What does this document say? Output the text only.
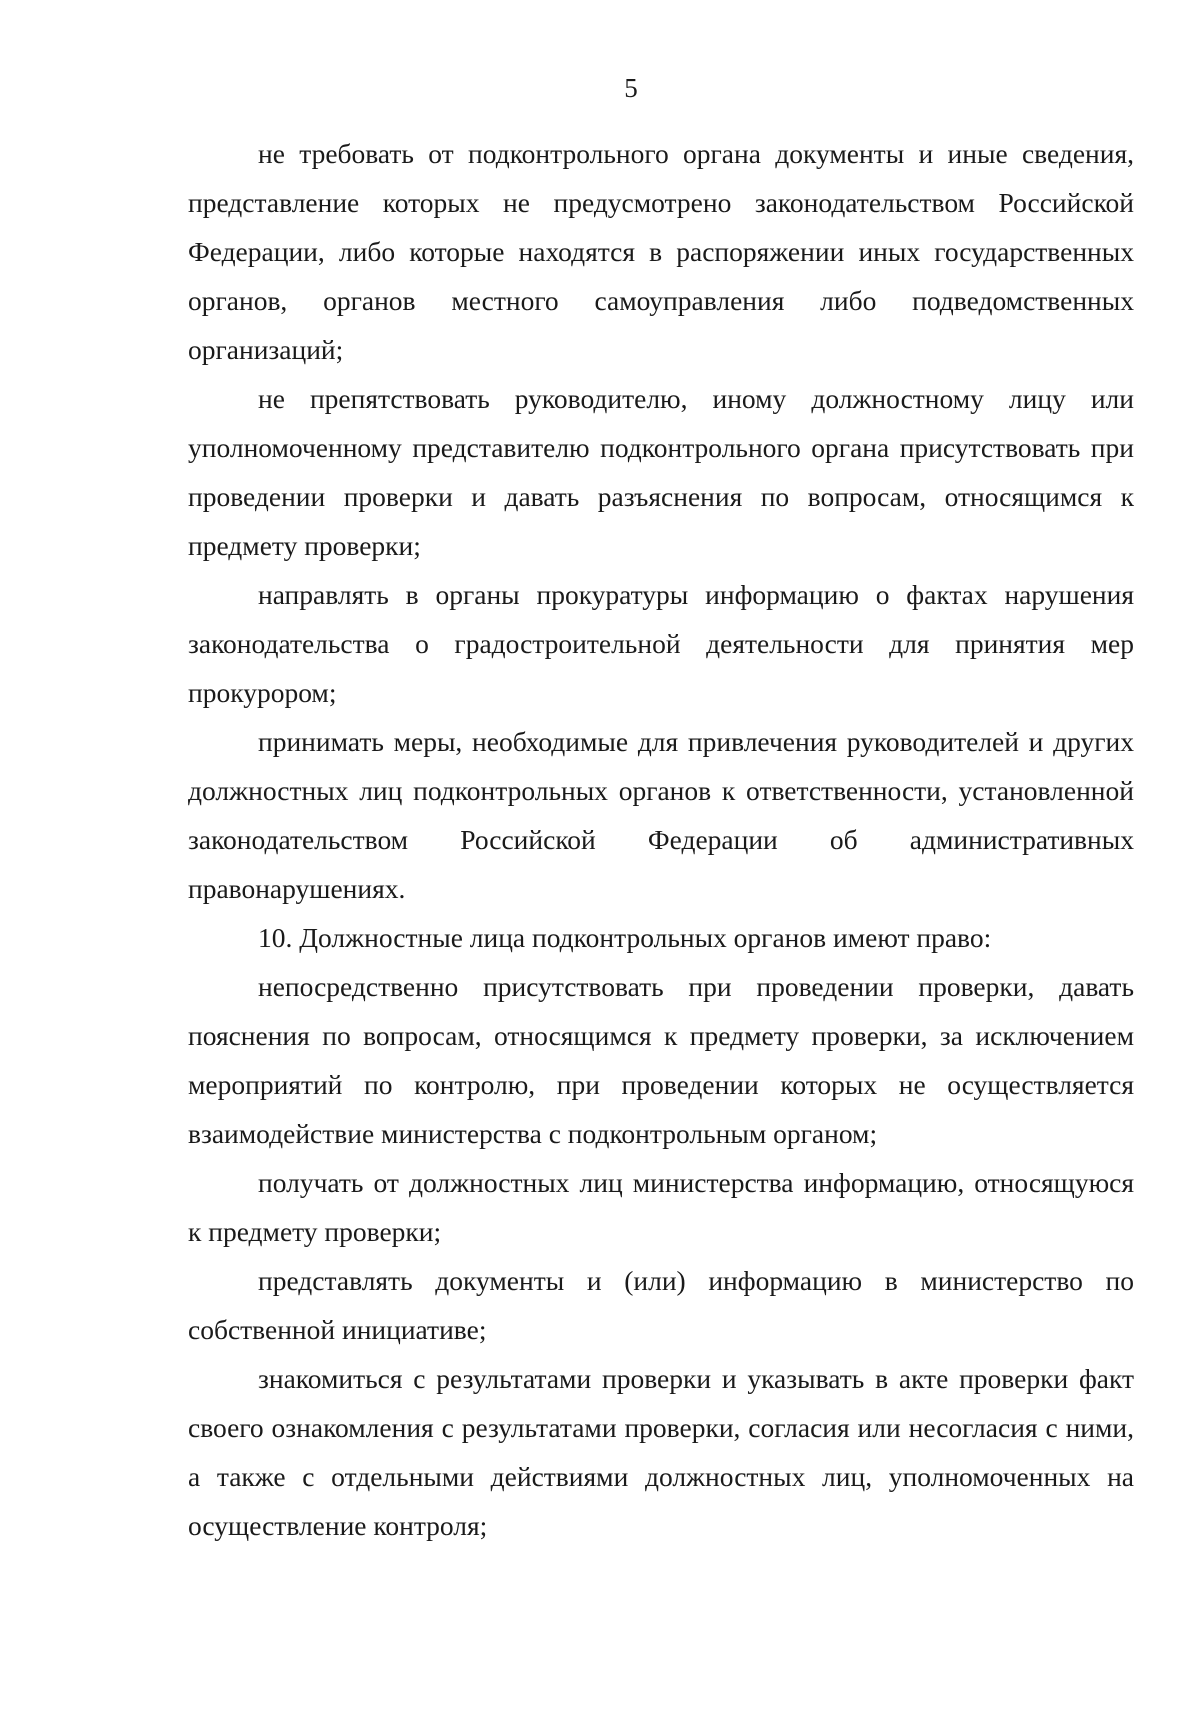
5

не требовать от подконтрольного органа документы и иные сведения, представление которых не предусмотрено законодательством Российской Федерации, либо которые находятся в распоряжении иных государственных органов, органов местного самоуправления либо подведомственных организаций;

не препятствовать руководителю, иному должностному лицу или уполномоченному представителю подконтрольного органа присутствовать при проведении проверки и давать разъяснения по вопросам, относящимся к предмету проверки;

направлять в органы прокуратуры информацию о фактах нарушения законодательства о градостроительной деятельности для принятия мер прокурором;

принимать меры, необходимые для привлечения руководителей и других должностных лиц подконтрольных органов к ответственности, установленной законодательством Российской Федерации об административных правонарушениях.

10. Должностные лица подконтрольных органов имеют право:

непосредственно присутствовать при проведении проверки, давать пояснения по вопросам, относящимся к предмету проверки, за исключением мероприятий по контролю, при проведении которых не осуществляется взаимодействие министерства с подконтрольным органом;

получать от должностных лиц министерства информацию, относящуюся к предмету проверки;

представлять документы и (или) информацию в министерство по собственной инициативе;

знакомиться с результатами проверки и указывать в акте проверки факт своего ознакомления с результатами проверки, согласия или несогласия с ними, а также с отдельными действиями должностных лиц, уполномоченных на осуществление контроля;
